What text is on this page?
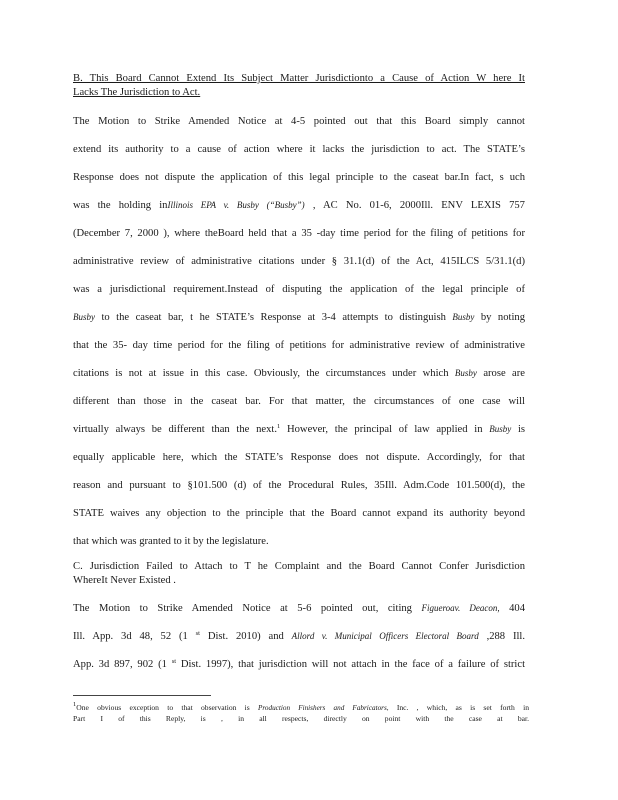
B. This Board Cannot Extend Its Subject Matter Jurisdictionto a Cause of Action W here It
Lacks The Jurisdiction to Act.
The Motion to Strike Amended Notice at 4-5 pointed out that this Board simply cannot
extend its authority to a cause of action where it lacks the jurisdiction to act. The STATE’s
Response does not dispute the application of this legal principle to the caseat bar.In fact, s uch
was the holding inIllinois EPA v. Busby (“Busby”) , AC No. 01-6, 2000Ill. ENV LEXIS 757
(December 7, 2000 ), where theBoard held that a 35 -day time period for the filing of petitions for
administrative review of administrative citations under § 31.1(d) of the Act, 415ILCS 5/31.1(d)
was a jurisdictional requirement.Instead of disputing the application of the legal principle of
Busby to the caseat bar, t he STATE’s Response at 3-4 attempts to distinguish Busby by noting
that the 35- day time period for the filing of petitions for administrative review of administrative
citations is not at issue in this case. Obviously, the circumstances under which Busby arose are
different than those in the caseat bar. For that matter, the circumstances of one case will
virtually always be different than the next.$^1$ However, the principal of law applied in Busby is
equally applicable here, which the STATE’s Response does not dispute. Accordingly, for that
reason and pursuant to §101.500 (d) of the Procedural Rules, 35Ill. Adm.Code 101.500(d), the
STATE waives any objection to the principle that the Board cannot expand its authority beyond
that which was granted to it by the legislature.
C. Jurisdiction Failed to Attach to T he Complaint and the Board Cannot Confer Jurisdiction
WhereIt Never Existed .
The Motion to Strike Amended Notice at 5-6 pointed out, citing Figueroav. Deacon, 404
Ill. App. 3d 48, 52 (1 $^{st}$ Dist. 2010) and Allord v. Municipal Officers Electoral Board ,288 Ill.
App. 3d 897, 902 (1 $^{st}$ Dist. 1997), that jurisdiction will not attach in the face of a failure of strict
$^1$One obvious exception to that observation is Production Finishers and Fabricators, Inc. , which, as is set forth in
Part I of this Reply, is , in all respects, directly on point with the case at bar.
